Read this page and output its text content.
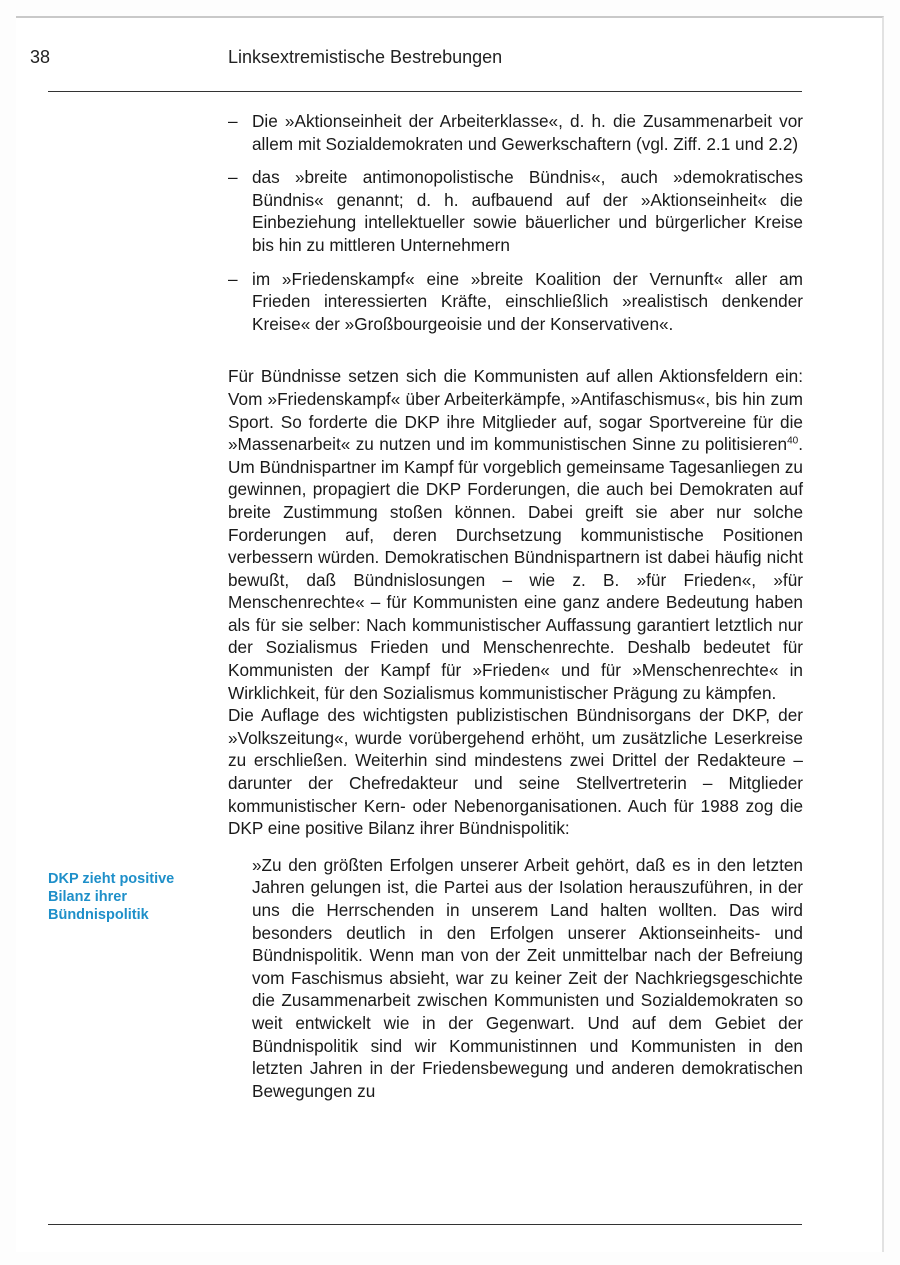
38	Linksextremistische Bestrebungen
DKP zieht positive Bilanz ihrer Bündnispolitik
– Die »Aktionseinheit der Arbeiterklasse«, d. h. die Zusammenarbeit vor allem mit Sozialdemokraten und Gewerkschaftern (vgl. Ziff. 2.1 und 2.2)
– das »breite antimonopolistische Bündnis«, auch »demokratisches Bündnis« genannt; d. h. aufbauend auf der »Aktionseinheit« die Einbeziehung intellektueller sowie bäuerlicher und bürgerlicher Kreise bis hin zu mittleren Unternehmern
– im »Friedenskampf« eine »breite Koalition der Vernunft« aller am Frieden interessierten Kräfte, einschließlich »realistisch denkender Kreise« der »Großbourgeoisie und der Konservativen«.

Für Bündnisse setzen sich die Kommunisten auf allen Aktionsfeldern ein: Vom »Friedenskampf« über Arbeiterkämpfe, »Antifaschismus«, bis hin zum Sport. So forderte die DKP ihre Mitglieder auf, sogar Sportvereine für die »Massenarbeit« zu nutzen und im kommunistischen Sinne zu politisieren$^{40}$. Um Bündnispartner im Kampf für vorgeblich gemeinsame Tagesanliegen zu gewinnen, propagiert die DKP Forderungen, die auch bei Demokraten auf breite Zustimmung stoßen können. Dabei greift sie aber nur solche Forderungen auf, deren Durchsetzung kommunistische Positionen verbessern würden. Demokratischen Bündnispartnern ist dabei häufig nicht bewußt, daß Bündnislosungen – wie z. B. »für Frieden«, »für Menschenrechte« – für Kommunisten eine ganz andere Bedeutung haben als für sie selber: Nach kommunistischer Auffassung garantiert letztlich nur der Sozialismus Frieden und Menschenrechte. Deshalb bedeutet für Kommunisten der Kampf für »Frieden« und für »Menschenrechte« in Wirklichkeit, für den Sozialismus kommunistischer Prägung zu kämpfen.

Die Auflage des wichtigsten publizistischen Bündnisorgans der DKP, der »Volkszeitung«, wurde vorübergehend erhöht, um zusätzliche Leserkreise zu erschließen. Weiterhin sind mindestens zwei Drittel der Redakteure – darunter der Chefredakteur und seine Stellvertreterin – Mitglieder kommunistischer Kern- oder Nebenorganisationen. Auch für 1988 zog die DKP eine positive Bilanz ihrer Bündnispolitik:

»Zu den größten Erfolgen unserer Arbeit gehört, daß es in den letzten Jahren gelungen ist, die Partei aus der Isolation herauszuführen, in der uns die Herrschenden in unserem Land halten wollten. Das wird besonders deutlich in den Erfolgen unserer Aktionseinheits- und Bündnispolitik. Wenn man von der Zeit unmittelbar nach der Befreiung vom Faschismus absieht, war zu keiner Zeit der Nachkriegsgeschichte die Zusammenarbeit zwischen Kommunisten und Sozialdemokraten so weit entwickelt wie in der Gegenwart. Und auf dem Gebiet der Bündnispolitik sind wir Kommunistinnen und Kommunisten in den letzten Jahren in der Friedensbewegung und anderen demokratischen Bewegungen zu
